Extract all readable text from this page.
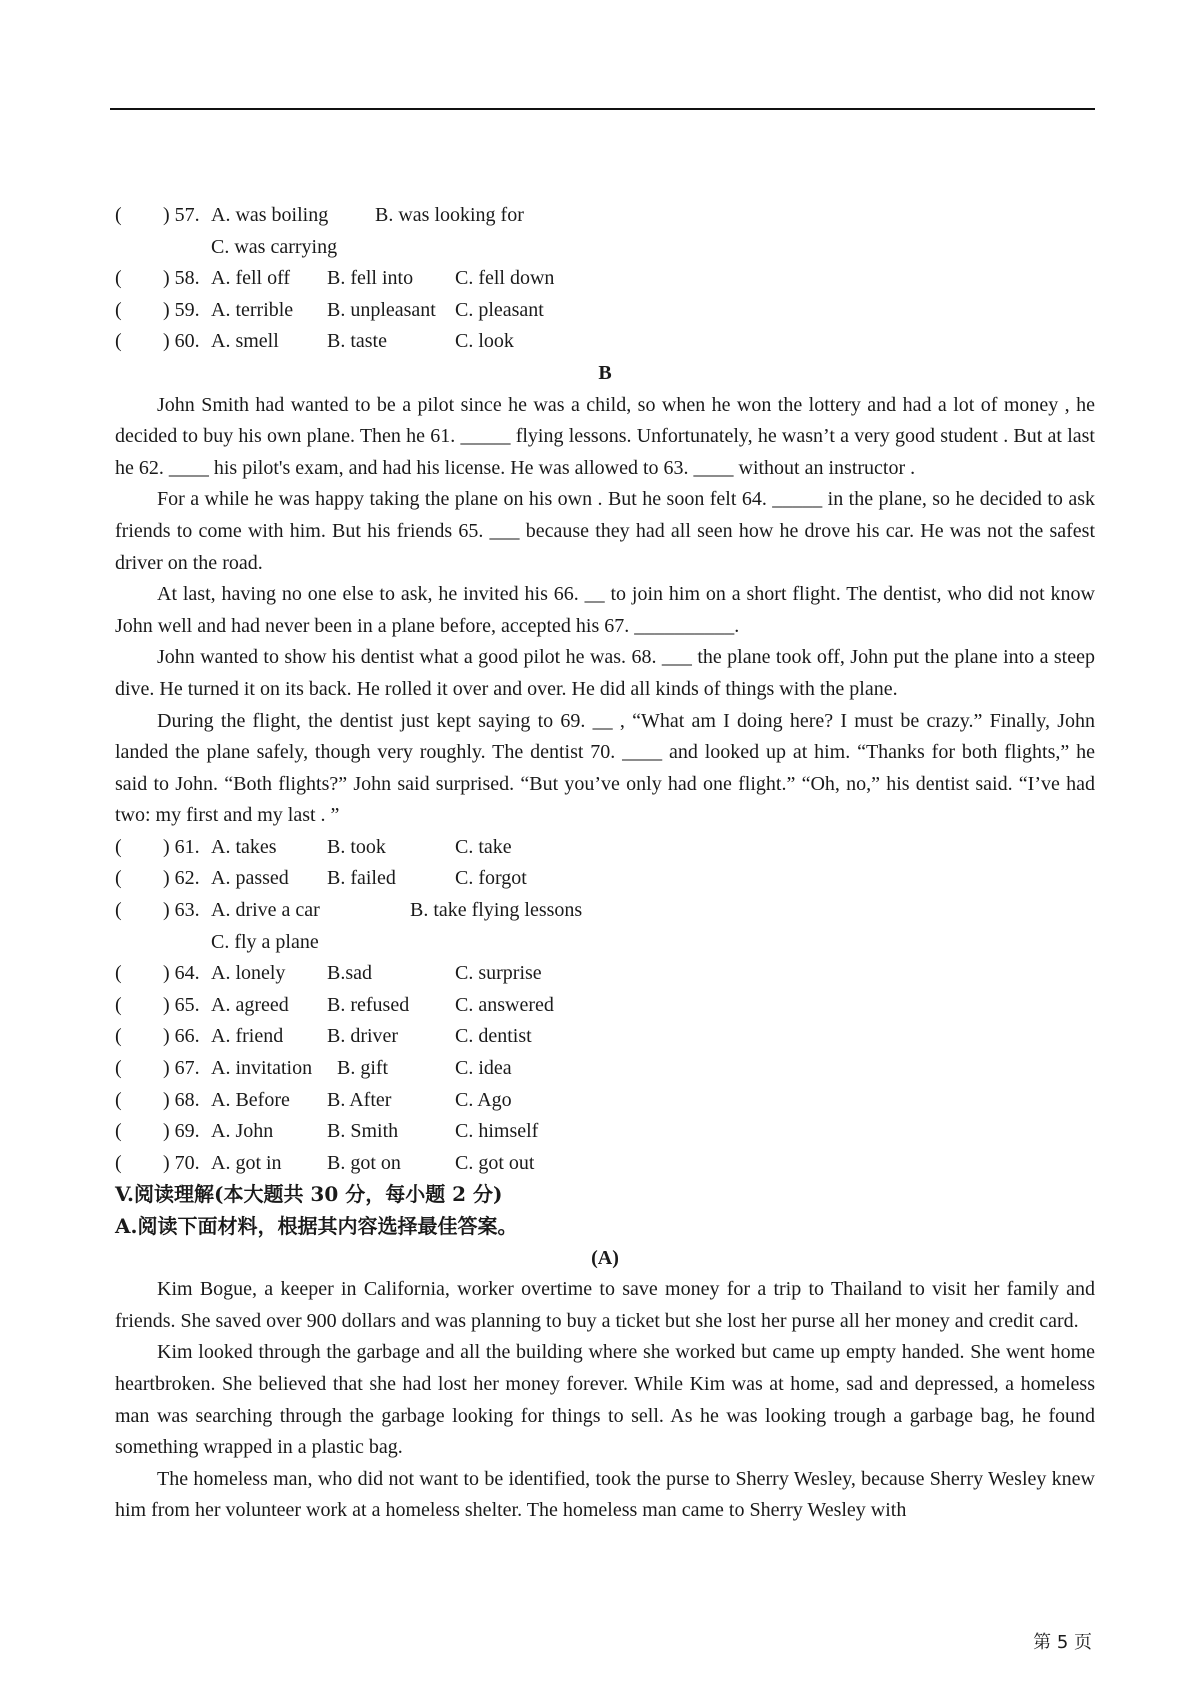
( ) 57. A. was boiling B. was looking for
C. was carrying
( ) 58. A. fell off B. fell into C. fell down
( ) 59. A. terrible B. unpleasant C. pleasant
( ) 60. A. smell B. taste	C. look
B

John Smith had wanted to be a pilot since he was a child, so when he won the lottery and had a lot of money , he decided to buy his own plane. Then he 61. _____ flying lessons. Unfortunately, he wasn’t a very good student . But at last he 62. ____ his pilot's exam, and had his license. He was allowed to 63. ____ without an instructor .

For a while he was happy taking the plane on his own . But he soon felt 64. _____ in the plane, so he decided to ask friends to come with him. But his friends 65. ___ because they had all seen how he drove his car. He was not the safest driver on the road.

At last, having no one else to ask, he invited his 66. __ to join him on a short flight. The dentist, who did not know John well and had never been in a plane before, accepted his 67. __________.

John wanted to show his dentist what a good pilot he was. 68. ___ the plane took off, John put the plane into a steep dive. He turned it on its back. He rolled it over and over. He did all kinds of things with the plane.

During the flight, the dentist just kept saying to 69. __ , “What am I doing here? I must be crazy.” Finally, John landed the plane safely, though very roughly. The dentist 70. ____ and looked up at him. “Thanks for both flights,” he said to John. “Both flights?” John said surprised. “But you’ve only had one flight.” “Oh, no,” his dentist said. “I’ve had two: my first and my last . ”

( ) 61. A. takes	B. took	C. take
( ) 62. A. passed B. failed	C. forgot
( ) 63. A. drive a car	B. take flying lessons
C. fly a plane
( ) 64. A. lonely B.sad	C. surprise
( ) 65. A. agreed B. refused C. answered
( ) 66. A. friend B. driver	C. dentist
( ) 67. A. invitation B. gift	C. idea
( ) 68. A. Before B. After	C. Ago
( ) 69. A. John	B. Smith	C. himself
( ) 70. A. got in B. got on	C. got out
V.阅读理解(本大题共 30 分，每小题 2 分)
A.阅读下面材料，根据其内容选择最佳答案。
(A)

Kim Bogue, a keeper in California, worker overtime to save money for a trip to Thailand to visit her family and friends. She saved over 900 dollars and was planning to buy a ticket but she lost her purse all her money and credit card.

Kim looked through the garbage and all the building where she worked but came up empty handed. She went home heartbroken. She believed that she had lost her money forever. While Kim was at home, sad and depressed, a homeless man was searching through the garbage looking for things to sell. As he was looking trough a garbage bag, he found something wrapped in a plastic bag.

The homeless man, who did not want to be identified, took the purse to Sherry Wesley, because Sherry Wesley knew him from her volunteer work at a homeless shelter. The homeless man came to Sherry Wesley with

第 5 页
